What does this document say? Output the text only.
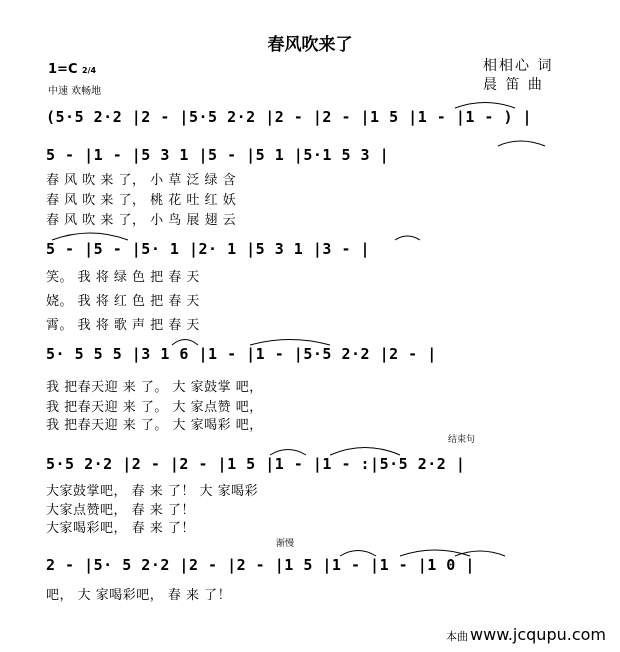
春风吹来了
1=C 2/4
中速 欢畅地
相相心 词
晨 笛 曲
(5·5 2·2 |2 - |5·5 2·2 |2 - |2 - |1 5 |1 - |1 - ) |
5 - |1 - |5 3 1 |5 - |5 1 |5·1 5 3 |
春 风 吹 来 了， 小 草 泛 绿 含
春 风 吹 来 了， 桃 花 吐 红 妖
春 风 吹 来 了， 小 鸟 展 翅 云
5 - |5 - |5· 1 |2· 1 |5 3 1 |3 - |
笑。 我 将 绿 色 把 春 天
娆。 我 将 红 色 把 春 天
霄。 我 将 歌 声 把 春 天
5· 5 5 5 |3 1 6 |1 - |1 - |5·5 2·2 |2 - |
我 把春天迎 来 了。 大 家鼓掌 吧，
我 把春天迎 来 了。 大 家点赞 吧，
我 把春天迎 来 了。 大 家喝彩 吧，
结束句
5·5 2·2 |2 - |2 - |1 5 |1 - |1 - :|5·5 2·2 |
大家鼓掌吧， 春 来 了！ 大 家喝彩
大家点赞吧， 春 来 了！
大家喝彩吧， 春 来 了！
渐慢
2 - |5· 5 2·2 |2 - |2 - |1 5 |1 - |1 - |1 0 |
吧， 大 家喝彩吧， 春 来 了！
本曲 www.jcqupu.com
